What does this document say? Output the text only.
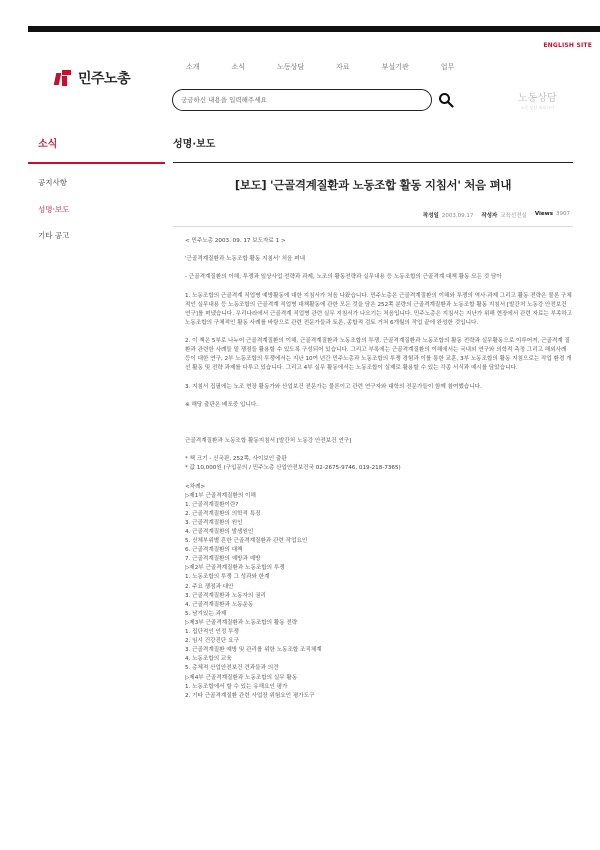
ENGLISH SITE
민주노총
소개	소식	노동상담	자료	부설기관	업무
궁금하신 내용을 입력해주세요	노동상담
노동 상담 바로가기
소식
공지사항
성명·보도
기타 공고
성명·보도
[보도] '근골격계질환과 노동조합 활동 지침서' 처음 펴내
작성일 2003.09.17 작성자 교육선전실 Views 3907

< 민주노총 2003. 09. 17 보도자료 1 >

'근골격계질환과 노동조합 활동 지침서' 처음 펴내

- 근골격계질환의 이해, 투쟁과 일상사업 전략과 과제, 노조의 활동전략과 실무내용 등 노동조합의 근골격계 대책 활동 모든 것 담아

1. 노동조합의 근골격계 직업병 예방활동에 대한 지침서가 처음 나왔습니다. 민주노총은 근골격계질환의 이해와 투쟁의 역사·과제 그리고 활동 전략은 물론 구체적인 실무내용 등 노동조합의 근골격계 직업병 대책활동에 관한 모든 것을 담은 252쪽 분량의 근골격계질환과 노동조합 활동 지침서 [발간처 노동강 안전보건 연구]를 펴냈습니다. 우리나라에서 근골격계 직업병 관련 실무 지침서가 나오기는 처음입니다. 민주노총은 지침서는 지난가 위해 현장에서 관련 자료는 부족하고 노동조합의 구체적인 활동 사례를 바탕으로 관련 전문가들과 토론, 종합적 검토 거쳐 6개월의 작업 끝에 완성한 것입니다.

2. 이 책은 5부로 나누어 근골격계질환의 이해, 근골격계질환과 노동조합의 투쟁, 근골격계질환과 노동조합의 활동 전략과 실무활동으로 이루어져, 근골격계 질환과 관련한 사례들 밑 쟁점들 활용할 수 있도록 구성되어 있습니다. 그리고 부록에는 근골격계질환의 이해에서는 국내외 연구와 의학적 측정 그리고 해외사례 등이 대한 연구, 2부 노동조합의 투쟁에서는 지난 10여 년간 민주노총과 노동조합의 투쟁 경험과 이를 통한 교훈, 3부 노동조합의 활동 지침으로는 작업 환경 개선 활동 및 전략 과제를 다루고 있습니다. 그리고 4부 실무 활동에서는 노동조합이 실제로 활용할 수 있는 각종 서식과 예시를 담았습니다.

3. 지침서 집필에는 노조 현장 활동가와 산업보건 전문가는 물론이고 관련 연구자와 대학의 전문가들이 함께 참여했습니다.

※ 해당 출판은 배포중 입니다.

근골격계질환과 노동조합 활동지침서 [발간처 노동강 안전보건 연구]

* 책 크기 - 신국판, 252쪽, 사이보인 출판

* 값 10,000원 (구입문의 / 민주노총 산업안전보건국 02-2675-9746, 019-218-7365)

<차례>

▷제1부 근골격계질환의 이해

1. 근골격계질환이란?

2. 근골격계질환의 의학적 특징

3. 근골격계질환의 원인

4. 근골격계질환의 발생원인

5. 신체부위별 흔한 근골격계질환과 관련 작업요인

6. 근골격계질환의 대책

7. 근골격계질환의 예방과 예방

▷제2부 근골격계질환과 노동조합의 투쟁

1. 노동조합의 투쟁 그 성과와 한계

2. 주요 쟁점과 대안

3. 근골격계질환과 노동자의 권리

4. 근골격계질환과 노동운동

5. 남겨있는 과제

▷제3부 근골격계질환과 노동조합의 활동 전략

1. 집단적인 인정 투쟁

2. 임시 건강진단 요구

3. 근골격계질환 예방 및 관리를 위한 노동조합 조직체계

4. 노동조합의 교육

5. 총체적 산업안전보건 견과들과 의견

▷제4부 근골격계질환과 노동조합의 실무 활동

1. 노동조합에서 할 수 있는 유해요인 평가

2. 기타 근골격계질환 관련 사업장 위험요인 평가도구
